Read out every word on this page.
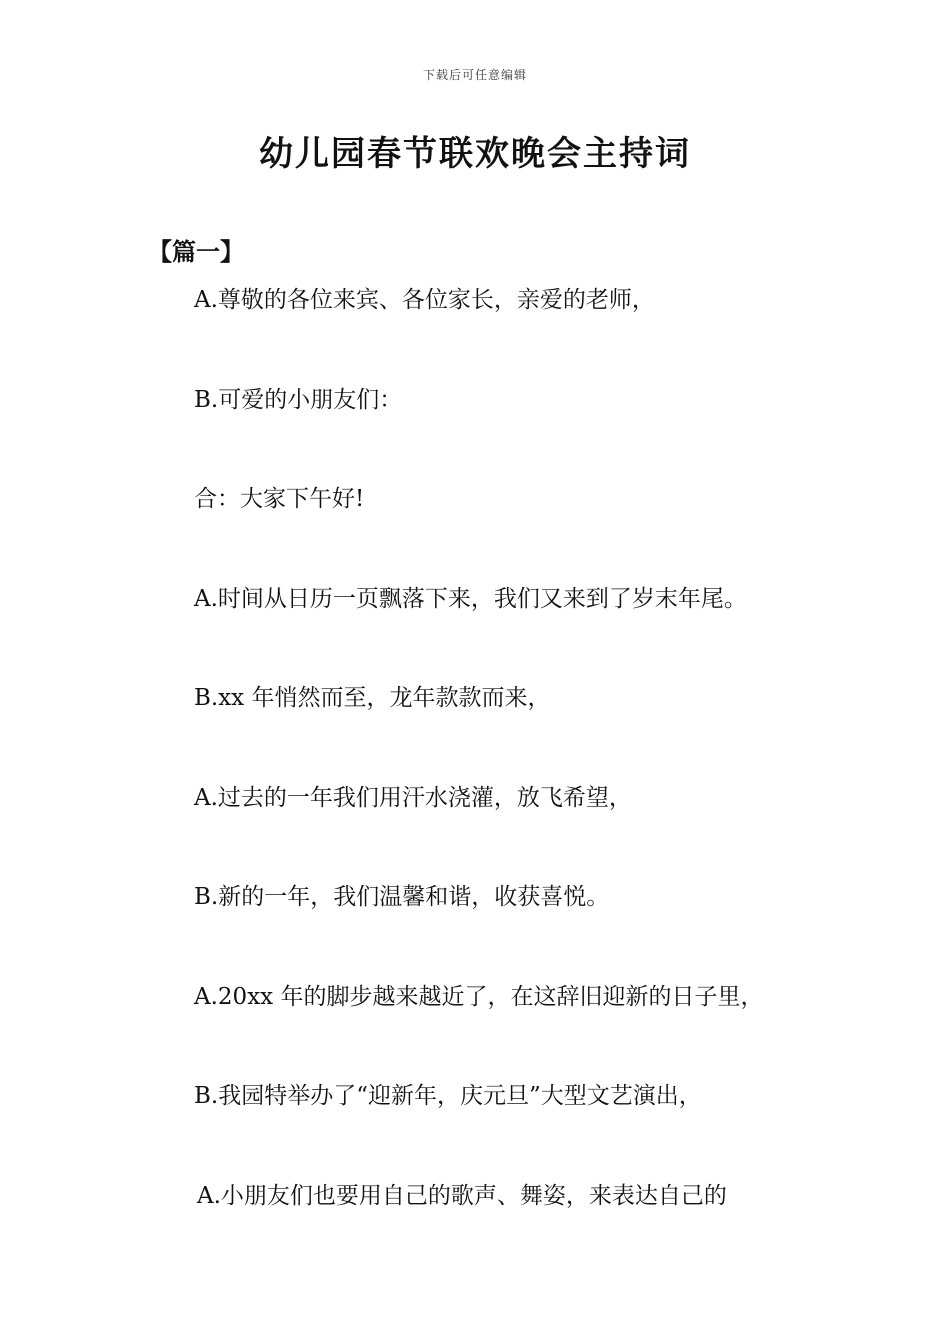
下载后可任意编辑
幼儿园春节联欢晚会主持词
【篇一】
A.尊敬的各位来宾、各位家长，亲爱的老师，
B.可爱的小朋友们：
合：大家下午好!
A.时间从日历一页飘落下来，我们又来到了岁末年尾。
B.xx 年悄然而至，龙年款款而来，
A.过去的一年我们用汗水浇灌，放飞希望，
B.新的一年，我们温馨和谐，收获喜悦。
A.20xx 年的脚步越来越近了，在这辞旧迎新的日子里，
B.我园特举办了“迎新年，庆元旦”大型文艺演出，
A.小朋友们也要用自己的歌声、舞姿，来表达自己的
